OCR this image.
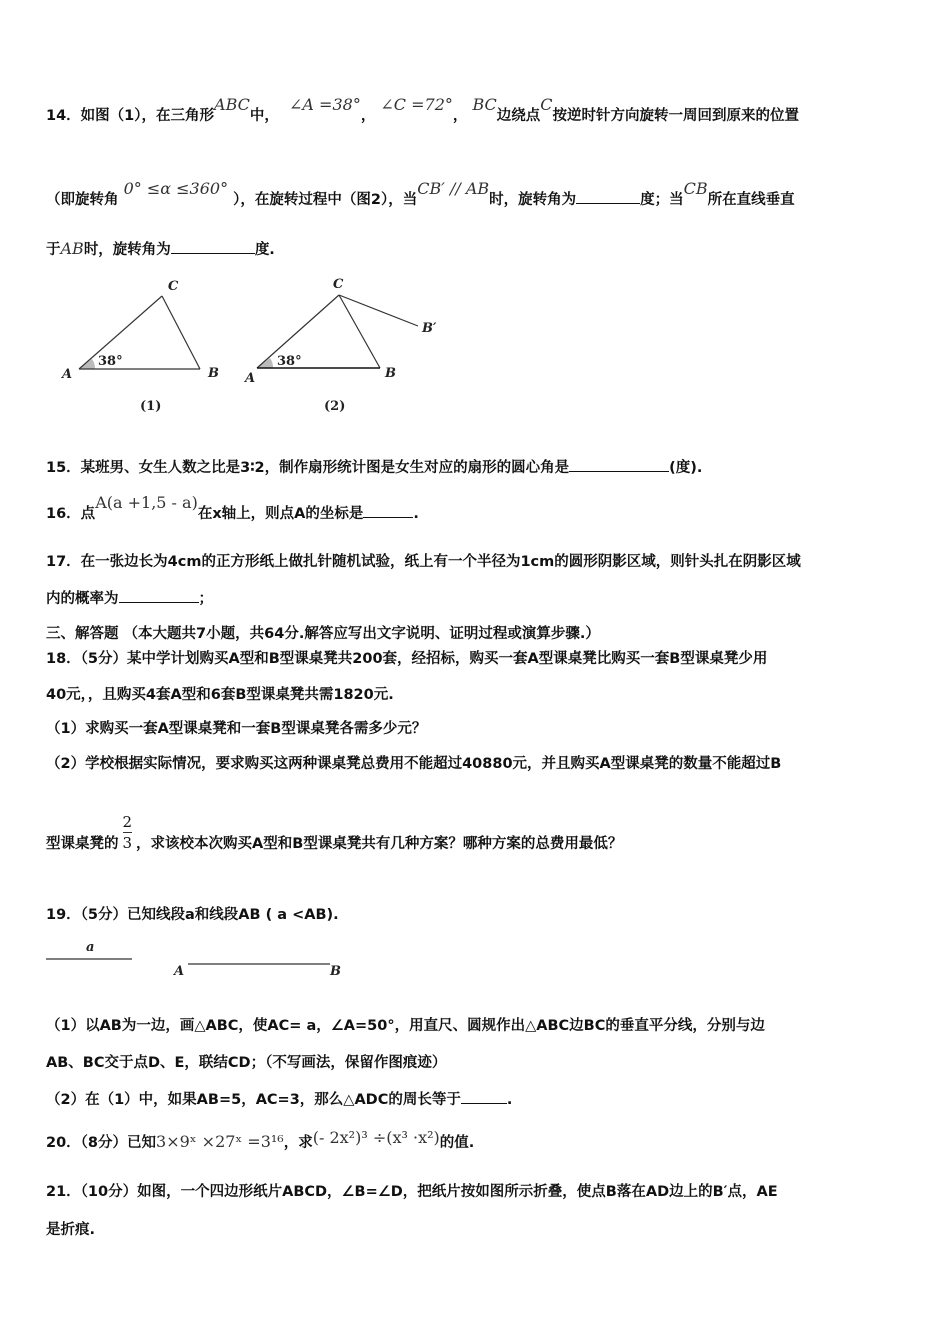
14．如图（1），在三角形ABC中，  ∠A =38°， ∠C =72°， BC边绕点C按逆时针方向旋转一周回到原来的位置
（即旋转角 0° ≤α ≤360° ），在旋转过程中（图2），当CB′ // AB时，旋转角为	度；当CB所在直线垂直
于AB时，旋转角为	度.
A	B
C
38°
(1)
A	B
C
B′
38°
(2)
15．某班男、女生人数之比是3∶2，制作扇形统计图是女生对应的扇形的圆心角是	(度).
16．点A(a +1,5 - a)在x轴上，则点A的坐标是	.
17．在一张边长为4cm的正方形纸上做扎针随机试验，纸上有一个半径为1cm的圆形阴影区域，则针头扎在阴影区域
内的概率为	；
三、解答题 （本大题共7小题，共64分.解答应写出文字说明、证明过程或演算步骤.）
18．（5分）某中学计划购买A型和B型课桌凳共200套，经招标，购买一套A型课桌凳比购买一套B型课桌凳少用
40元，，且购买4套A型和6套B型课桌凳共需1820元.
（1）求购买一套A型课桌凳和一套B型课桌凳各需多少元？
（2）学校根据实际情况，要求购买这两种课桌凳总费用不能超过40880元，并且购买A型课桌凳的数量不能超过B
型课桌凳的 $\frac{2}{3}$ ，求该校本次购买A型和B型课桌凳共有几种方案？哪种方案的总费用最低？
19．（5分）已知线段a和线段AB ( a <AB).
a
A	B
（1）以AB为一边，画△ABC，使AC= a，∠A=50°，用直尺、圆规作出△ABC边BC的垂直平分线，分别与边
AB、BC交于点D、E，联结CD；（不写画法，保留作图痕迹）
（2）在（1）中，如果AB=5，AC=3，那么△ADC的周长等于	.
20．（8分）已知3×9ˣ ×27ˣ =3¹⁶，求(- 2x²)³ ÷(x³ ·x²)的值.
21．（10分）如图，一个四边形纸片ABCD，∠B=∠D，把纸片按如图所示折叠，使点B落在AD边上的B′点，AE
是折痕.
